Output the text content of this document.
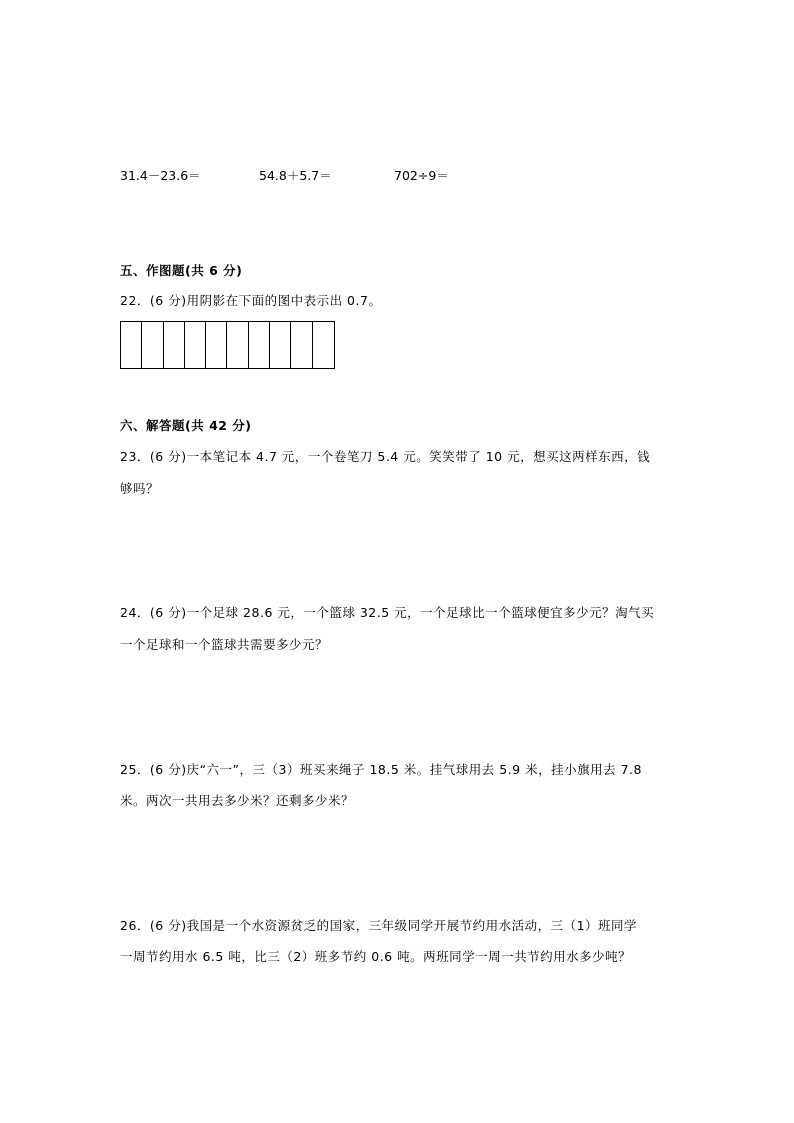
31.4－23.6＝	54.8＋5.7＝	702÷9＝
五、作图题(共 6 分)
22．(6 分)用阴影在下面的图中表示出 0.7。
六、解答题(共 42 分)
23．(6 分)一本笔记本 4.7 元，一个卷笔刀 5.4 元。笑笑带了 10 元，想买这两样东西，钱
够吗？
24．(6 分)一个足球 28.6 元，一个篮球 32.5 元，一个足球比一个篮球便宜多少元？淘气买
一个足球和一个篮球共需要多少元？
25．(6 分)庆“六一”，三（3）班买来绳子 18.5 米。挂气球用去 5.9 米，挂小旗用去 7.8
米。两次一共用去多少米？还剩多少米？
26．(6 分)我国是一个水资源贫乏的国家，三年级同学开展节约用水活动，三（1）班同学
一周节约用水 6.5 吨，比三（2）班多节约 0.6 吨。两班同学一周一共节约用水多少吨？
